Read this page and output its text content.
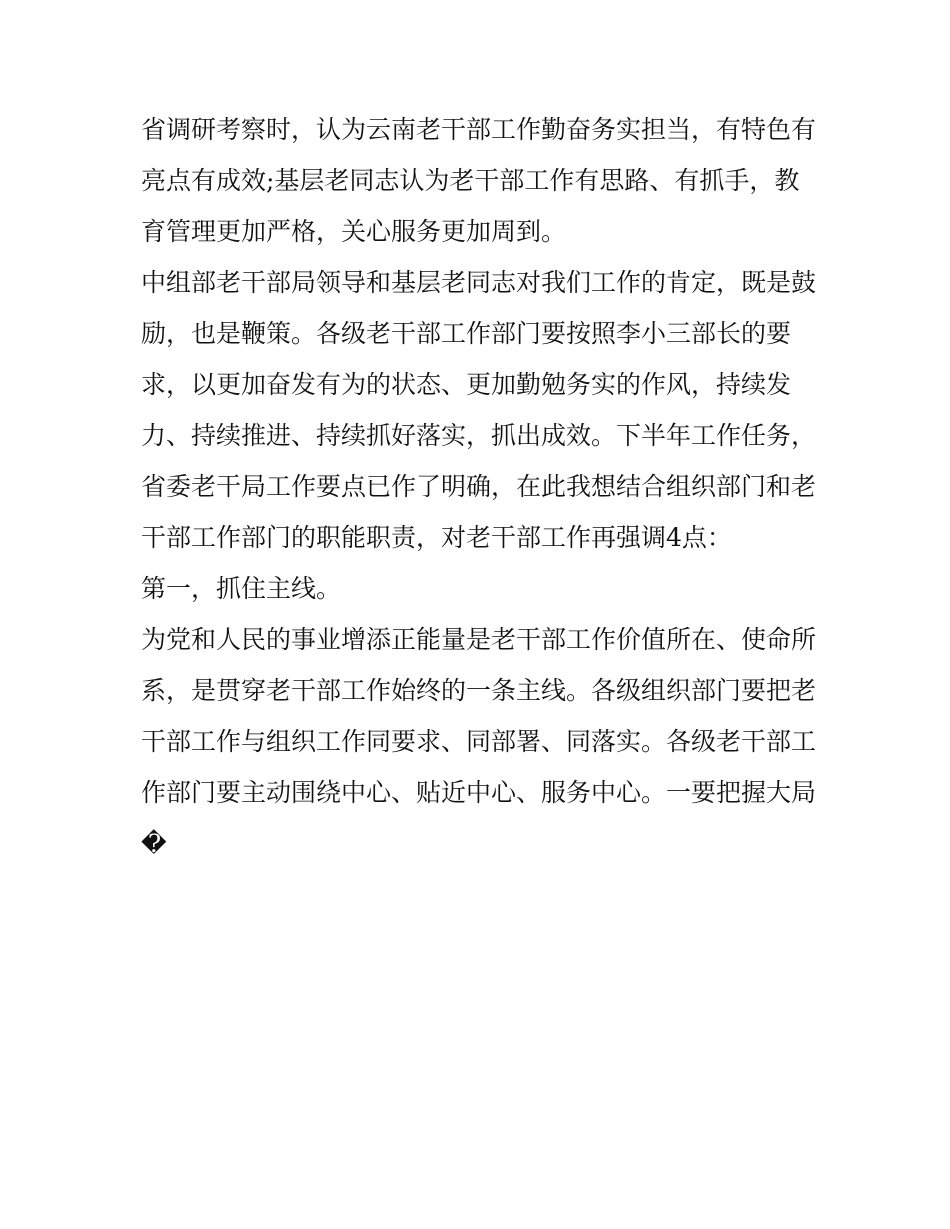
省调研考察时，认为云南老干部工作勤奋务实担当，有特色有
亮点有成效;基层老同志认为老干部工作有思路、有抓手，教
育管理更加严格，关心服务更加周到。
中组部老干部局领导和基层老同志对我们工作的肯定，既是鼓
励，也是鞭策。各级老干部工作部门要按照李小三部长的要
求，以更加奋发有为的状态、更加勤勉务实的作风，持续发
力、持续推进、持续抓好落实，抓出成效。下半年工作任务，
省委老干局工作要点已作了明确，在此我想结合组织部门和老
干部工作部门的职能职责，对老干部工作再强调4点：
第一，抓住主线。
为党和人民的事业增添正能量是老干部工作价值所在、使命所
系，是贯穿老干部工作始终的一条主线。各级组织部门要把老
干部工作与组织工作同要求、同部署、同落实。各级老干部工
作部门要主动围绕中心、贴近中心、服务中心。一要把握大局
�
